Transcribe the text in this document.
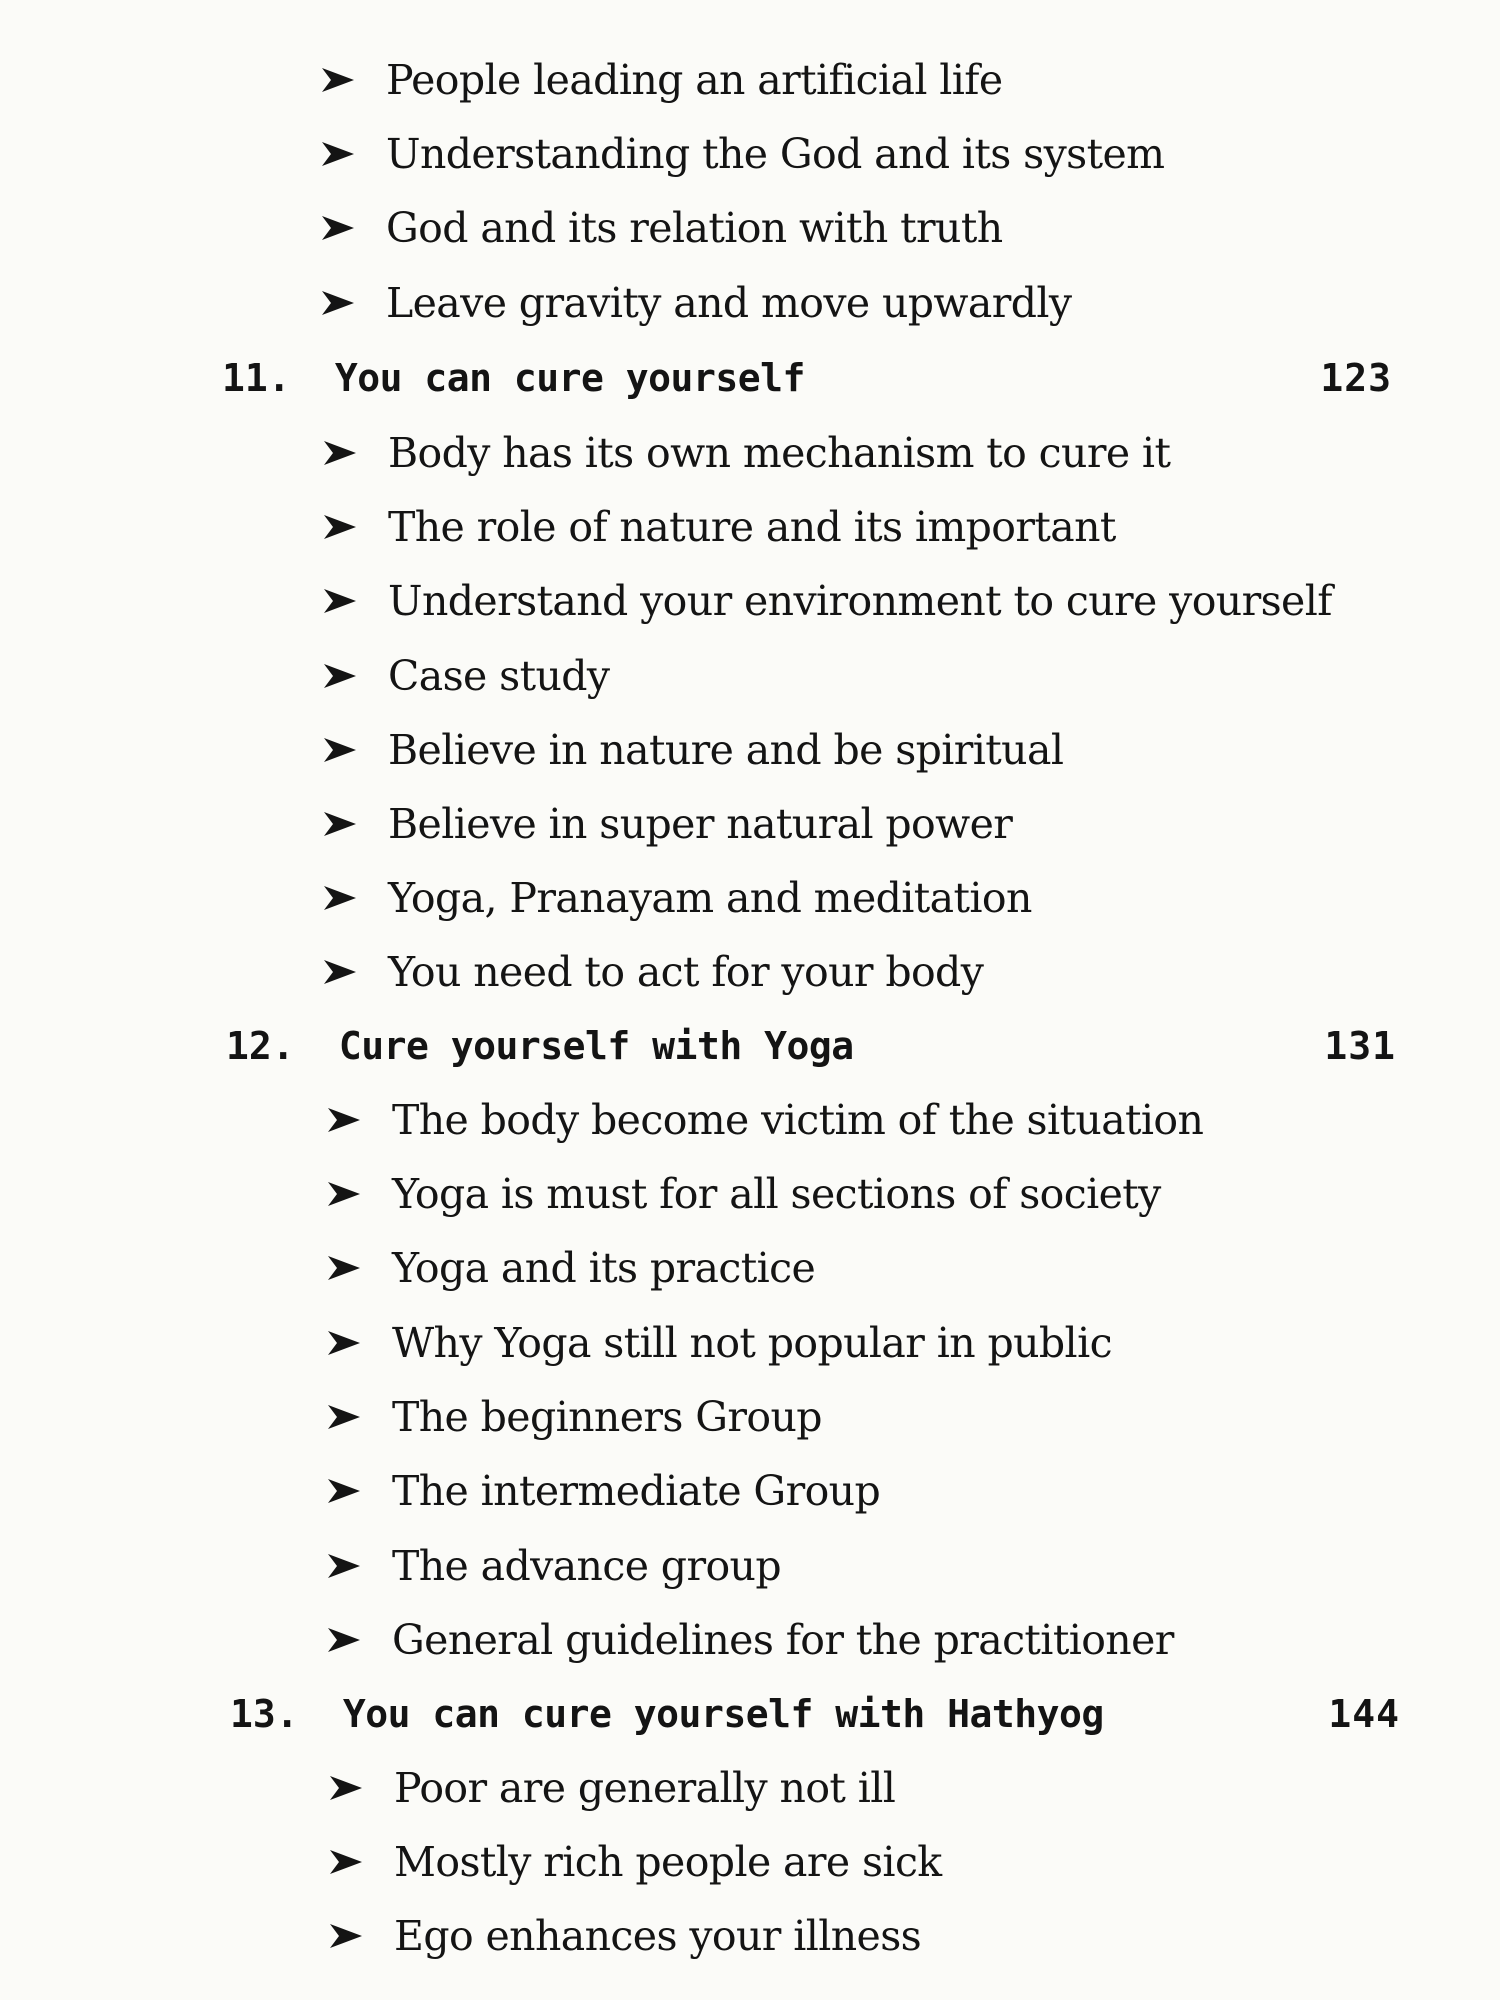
People leading an artificial life
Understanding the God and its system
God and its relation with truth
Leave gravity and move upwardly
11. You can cure yourself	123
Body has its own mechanism to cure it
The role of nature and its important
Understand your environment to cure yourself
Case study
Believe in nature and be spiritual
Believe in super natural power
Yoga, Pranayam and meditation
You need to act for your body
12. Cure yourself with Yoga	131
The body become victim of the situation
Yoga is must for all sections of society
Yoga and its practice
Why Yoga still not popular in public
The beginners Group
The intermediate Group
The advance group
General guidelines for the practitioner
13. You can cure yourself with Hathyog	144
Poor are generally not ill
Mostly rich people are sick
Ego enhances your illness
